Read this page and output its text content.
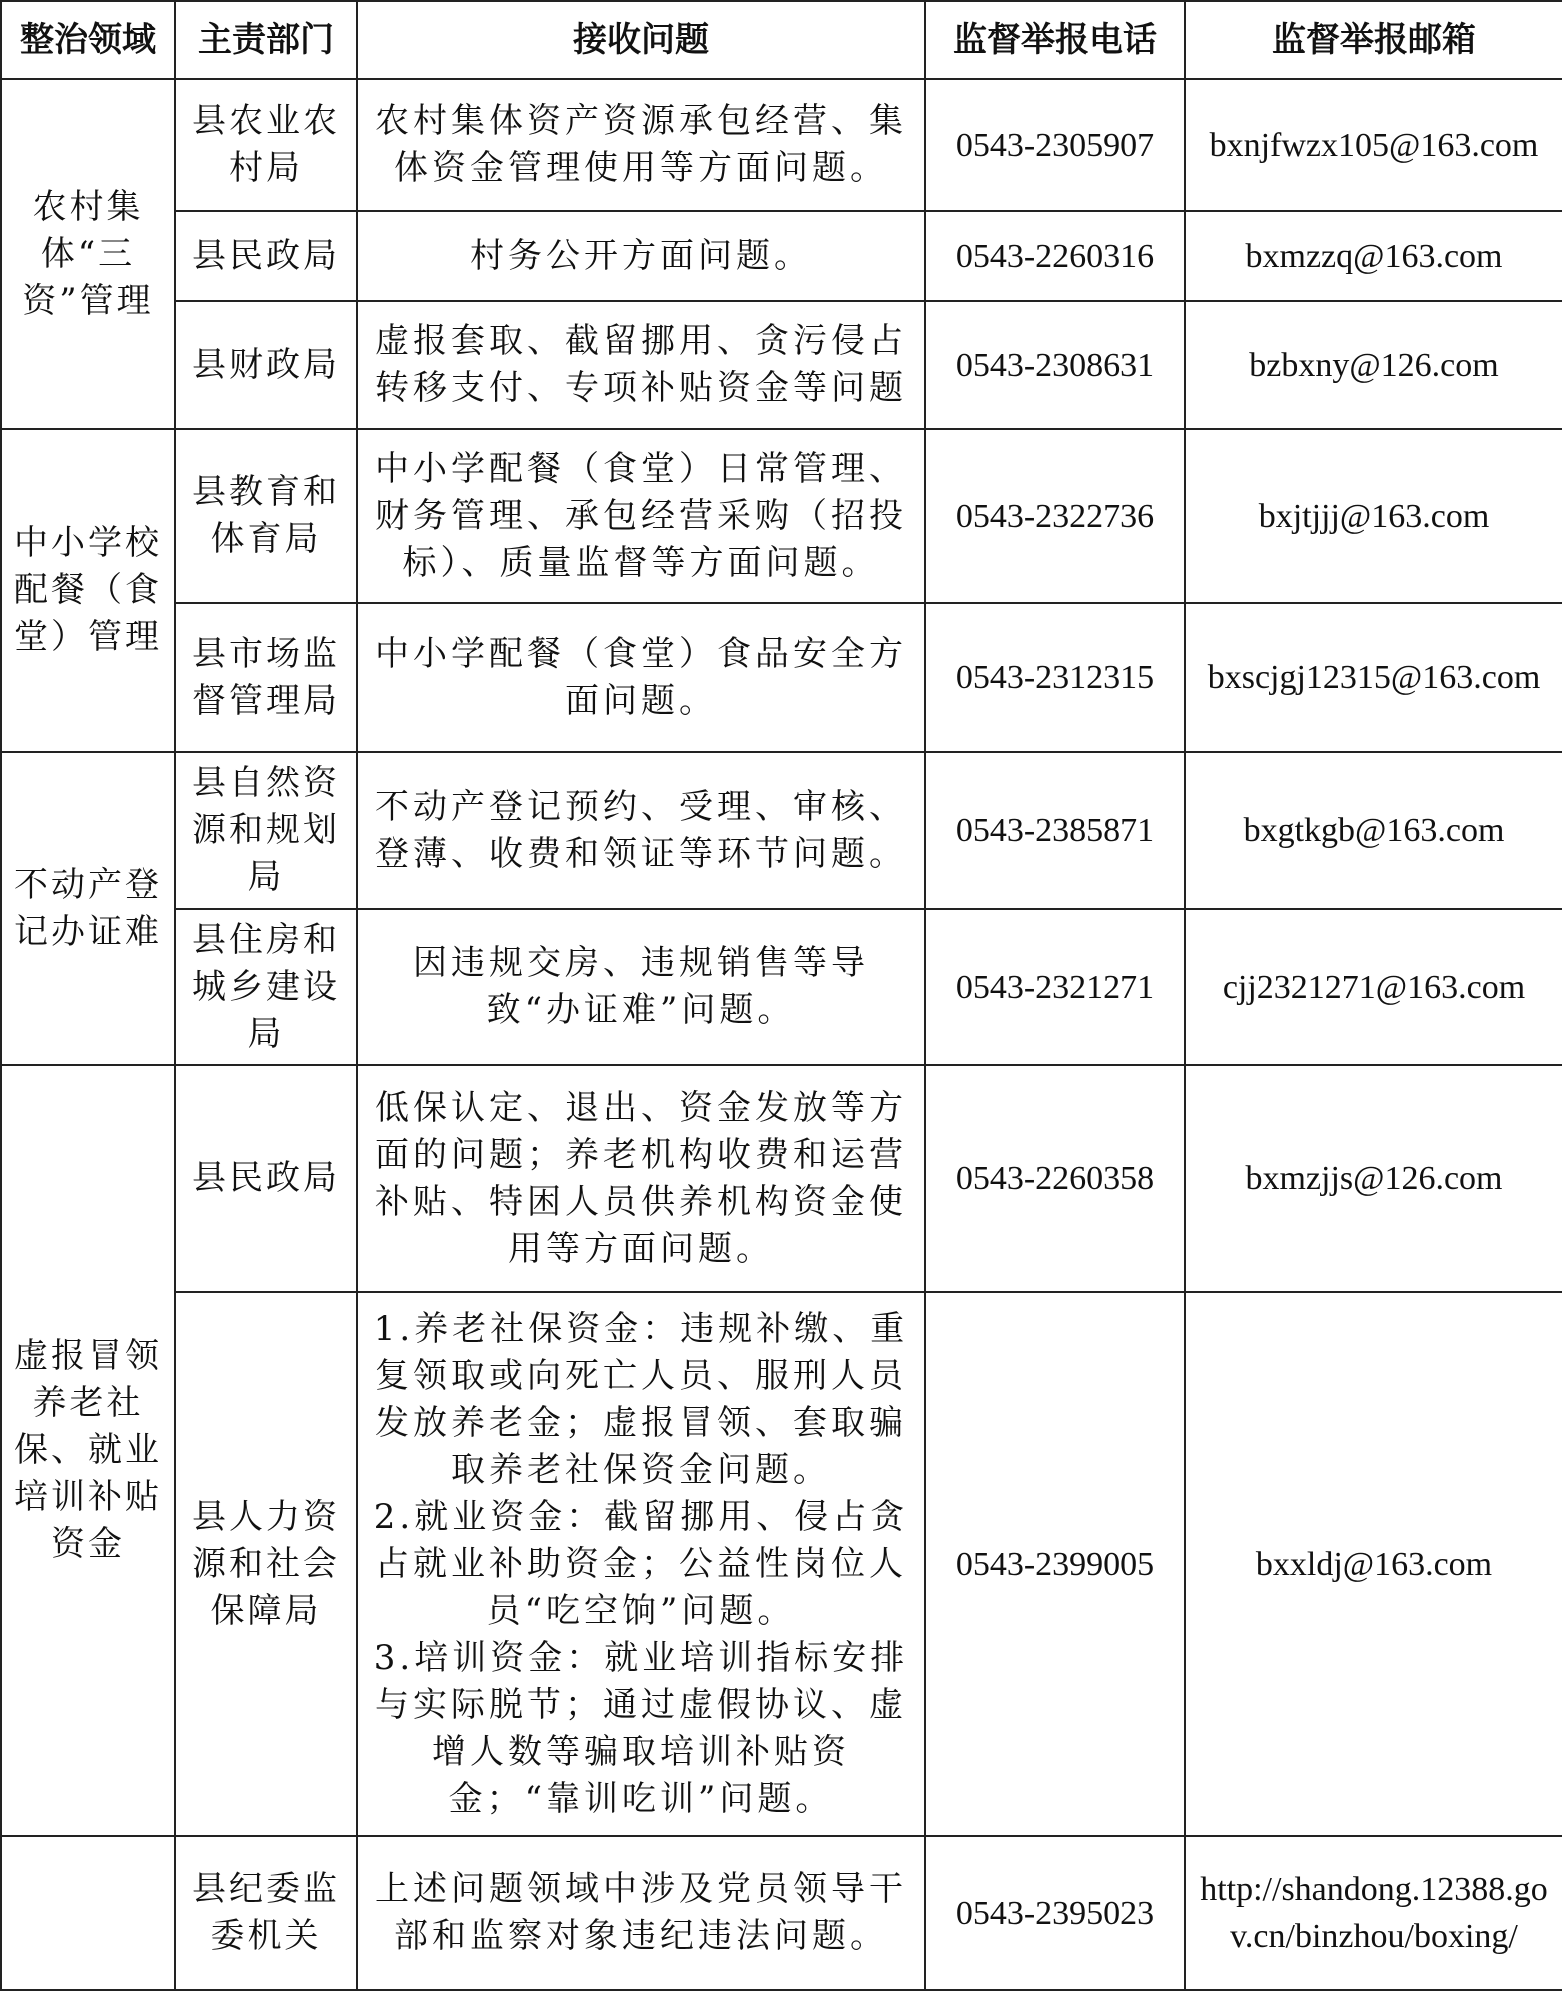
整治领域	主责部门	接收问题	监督举报电话	监督举报邮箱
农村集体“三资”管理	县农业农村局	农村集体资产资源承包经营、集体资金管理使用等方面问题。	0543-2305907	bxnjfwzx105@163.com
	县民政局	村务公开方面问题。	0543-2260316	bxmzzq@163.com
	县财政局	虚报套取、截留挪用、贪污侵占转移支付、专项补贴资金等问题	0543-2308631	bzbxny@126.com
中小学校配餐（食堂）管理	县教育和体育局	中小学配餐（食堂）日常管理、财务管理、承包经营采购（招投标）、质量监督等方面问题。	0543-2322736	bxjtjjj@163.com
	县市场监督管理局	中小学配餐（食堂）食品安全方面问题。	0543-2312315	bxscjgj12315@163.com
不动产登记办证难	县自然资源和规划局	不动产登记预约、受理、审核、登薄、收费和领证等环节问题。	0543-2385871	bxgtkgb@163.com
	县住房和城乡建设局	因违规交房、违规销售等导致“办证难”问题。	0543-2321271	cjj2321271@163.com
虚报冒领养老社保、就业培训补贴资金	县民政局	低保认定、退出、资金发放等方面的问题；养老机构收费和运营补贴、特困人员供养机构资金使用等方面问题。	0543-2260358	bxmzjjs@126.com
	县人力资源和社会保障局	1.养老社保资金：违规补缴、重复领取或向死亡人员、服刑人员发放养老金；虚报冒领、套取骗取养老社保资金问题。
2.就业资金：截留挪用、侵占贪占就业补助资金；公益性岗位人员“吃空饷”问题。
3.培训资金：就业培训指标安排与实际脱节；通过虚假协议、虚增人数等骗取培训补贴资金；“靠训吃训”问题。	0543-2399005	bxxldj@163.com
	县纪委监委机关	上述问题领域中涉及党员领导干部和监察对象违纪违法问题。	0543-2395023	http://shandong.12388.gov.cn/binzhou/boxing/
